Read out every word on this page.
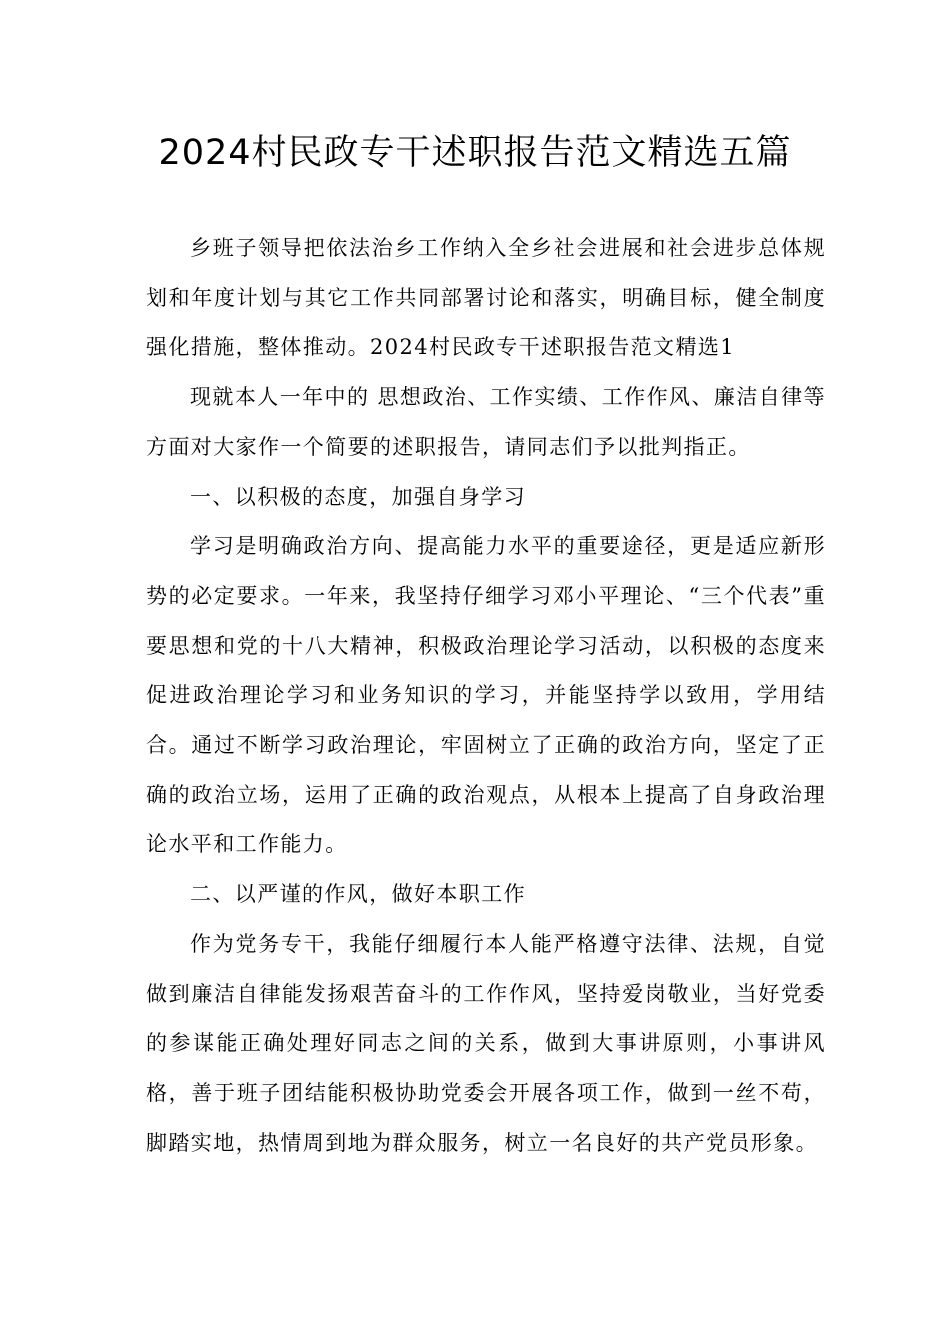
2024村民政专干述职报告范文精选五篇

乡班子领导把依法治乡工作纳入全乡社会进展和社会进步总体规划和年度计划与其它工作共同部署讨论和落实，明确目标，健全制度强化措施，整体推动。2024村民政专干述职报告范文精选1

现就本人一年中的 思想政治、工作实绩、工作作风、廉洁自律等方面对大家作一个简要的述职报告，请同志们予以批判指正。

一、以积极的态度，加强自身学习

学习是明确政治方向、提高能力水平的重要途径，更是适应新形势的必定要求。一年来，我坚持仔细学习邓小平理论、“三个代表”重要思想和党的十八大精神，积极政治理论学习活动，以积极的态度来促进政治理论学习和业务知识的学习，并能坚持学以致用，学用结合。通过不断学习政治理论，牢固树立了正确的政治方向，坚定了正确的政治立场，运用了正确的政治观点，从根本上提高了自身政治理论水平和工作能力。

二、以严谨的作风，做好本职工作

作为党务专干，我能仔细履行本人能严格遵守法律、法规，自觉做到廉洁自律能发扬艰苦奋斗的工作作风，坚持爱岗敬业，当好党委的参谋能正确处理好同志之间的关系，做到大事讲原则，小事讲风格，善于班子团结能积极协助党委会开展各项工作，做到一丝不苟，脚踏实地，热情周到地为群众服务，树立一名良好的共产党员形象。
